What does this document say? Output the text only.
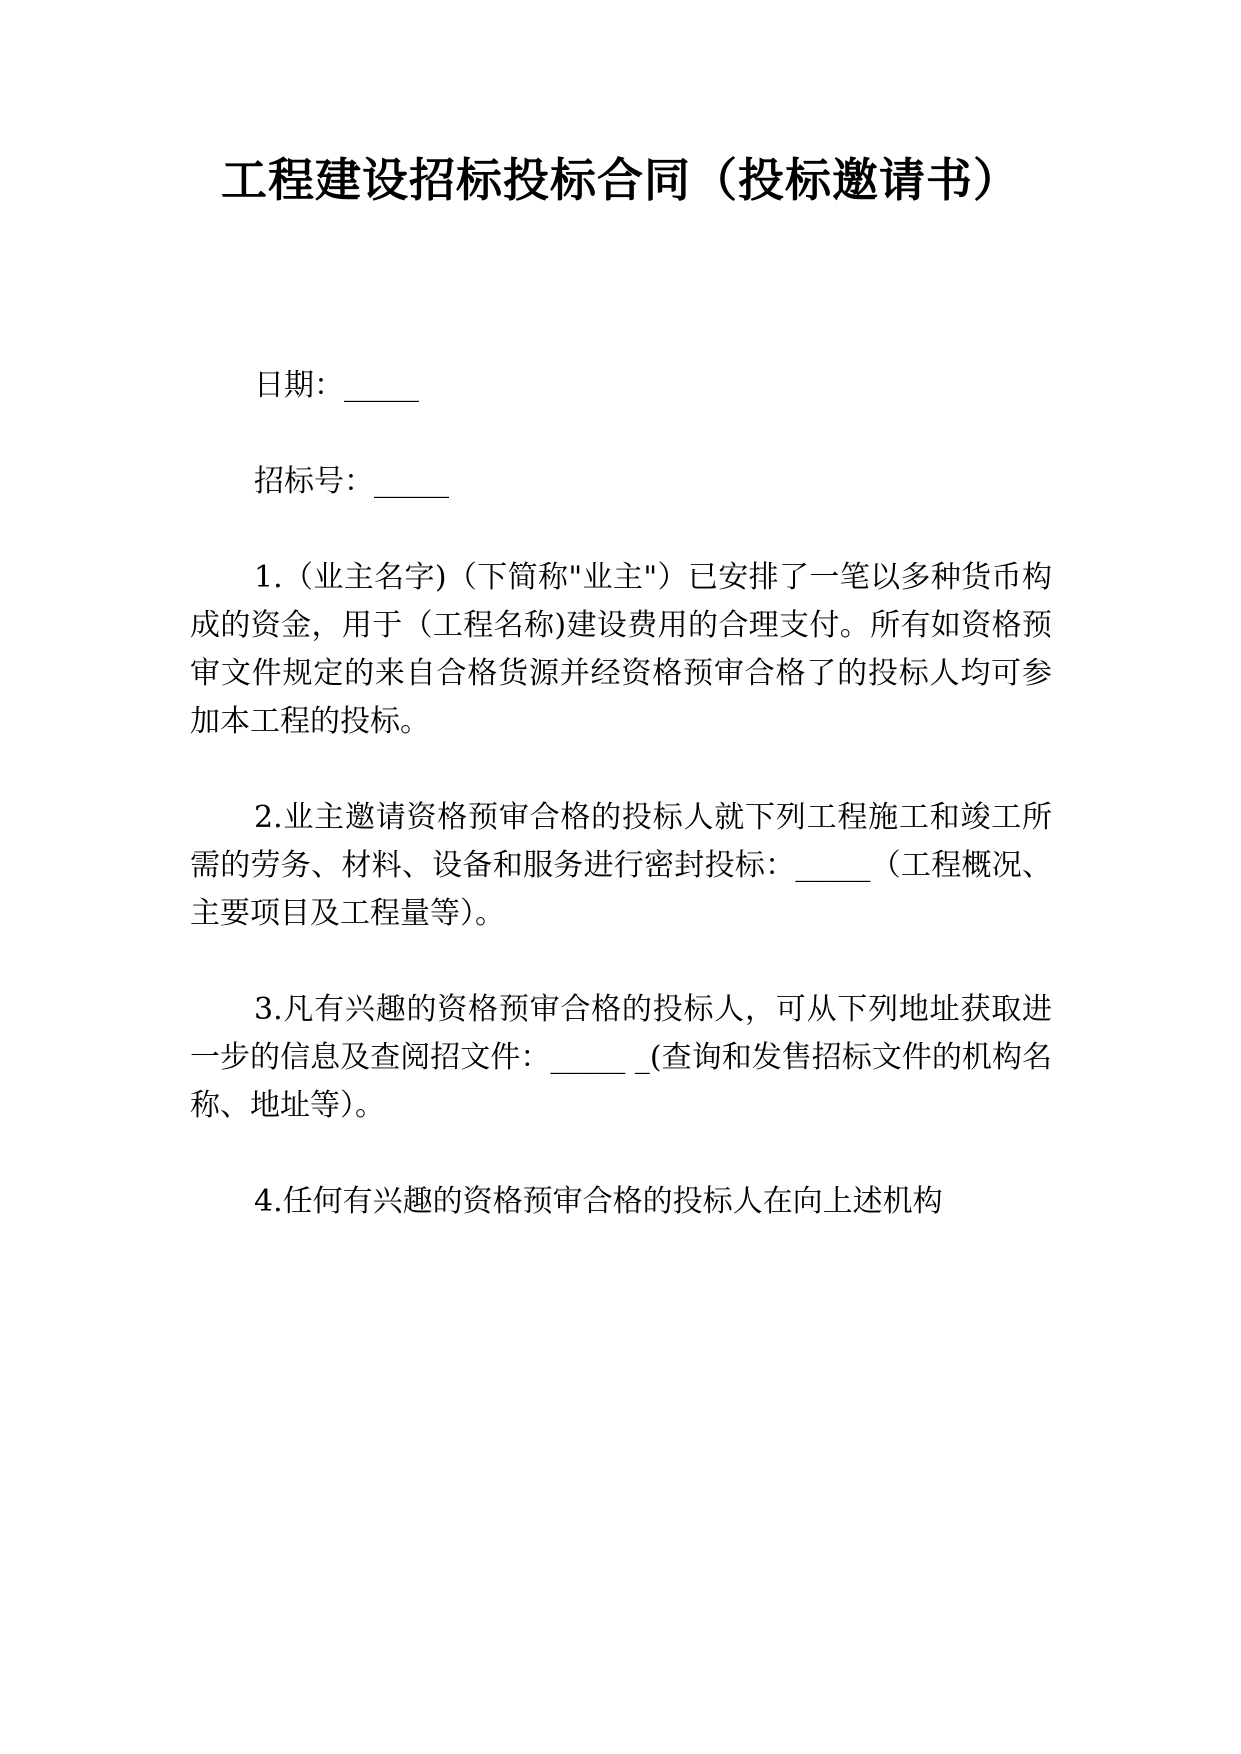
工程建设招标投标合同（投标邀请书）

日期：_____

招标号：_____

1.（业主名字)（下简称"业主"）已安排了一笔以多种货币构成的资金，用于（工程名称)建设费用的合理支付。所有如资格预审文件规定的来自合格货源并经资格预审合格了的投标人均可参加本工程的投标。

2.业主邀请资格预审合格的投标人就下列工程施工和竣工所需的劳务、材料、设备和服务进行密封投标：_____（工程概况、主要项目及工程量等）。

3.凡有兴趣的资格预审合格的投标人，可从下列地址获取进一步的信息及查阅招文件：_____ _(查询和发售招标文件的机构名称、地址等）。

4.任何有兴趣的资格预审合格的投标人在向上述机构
